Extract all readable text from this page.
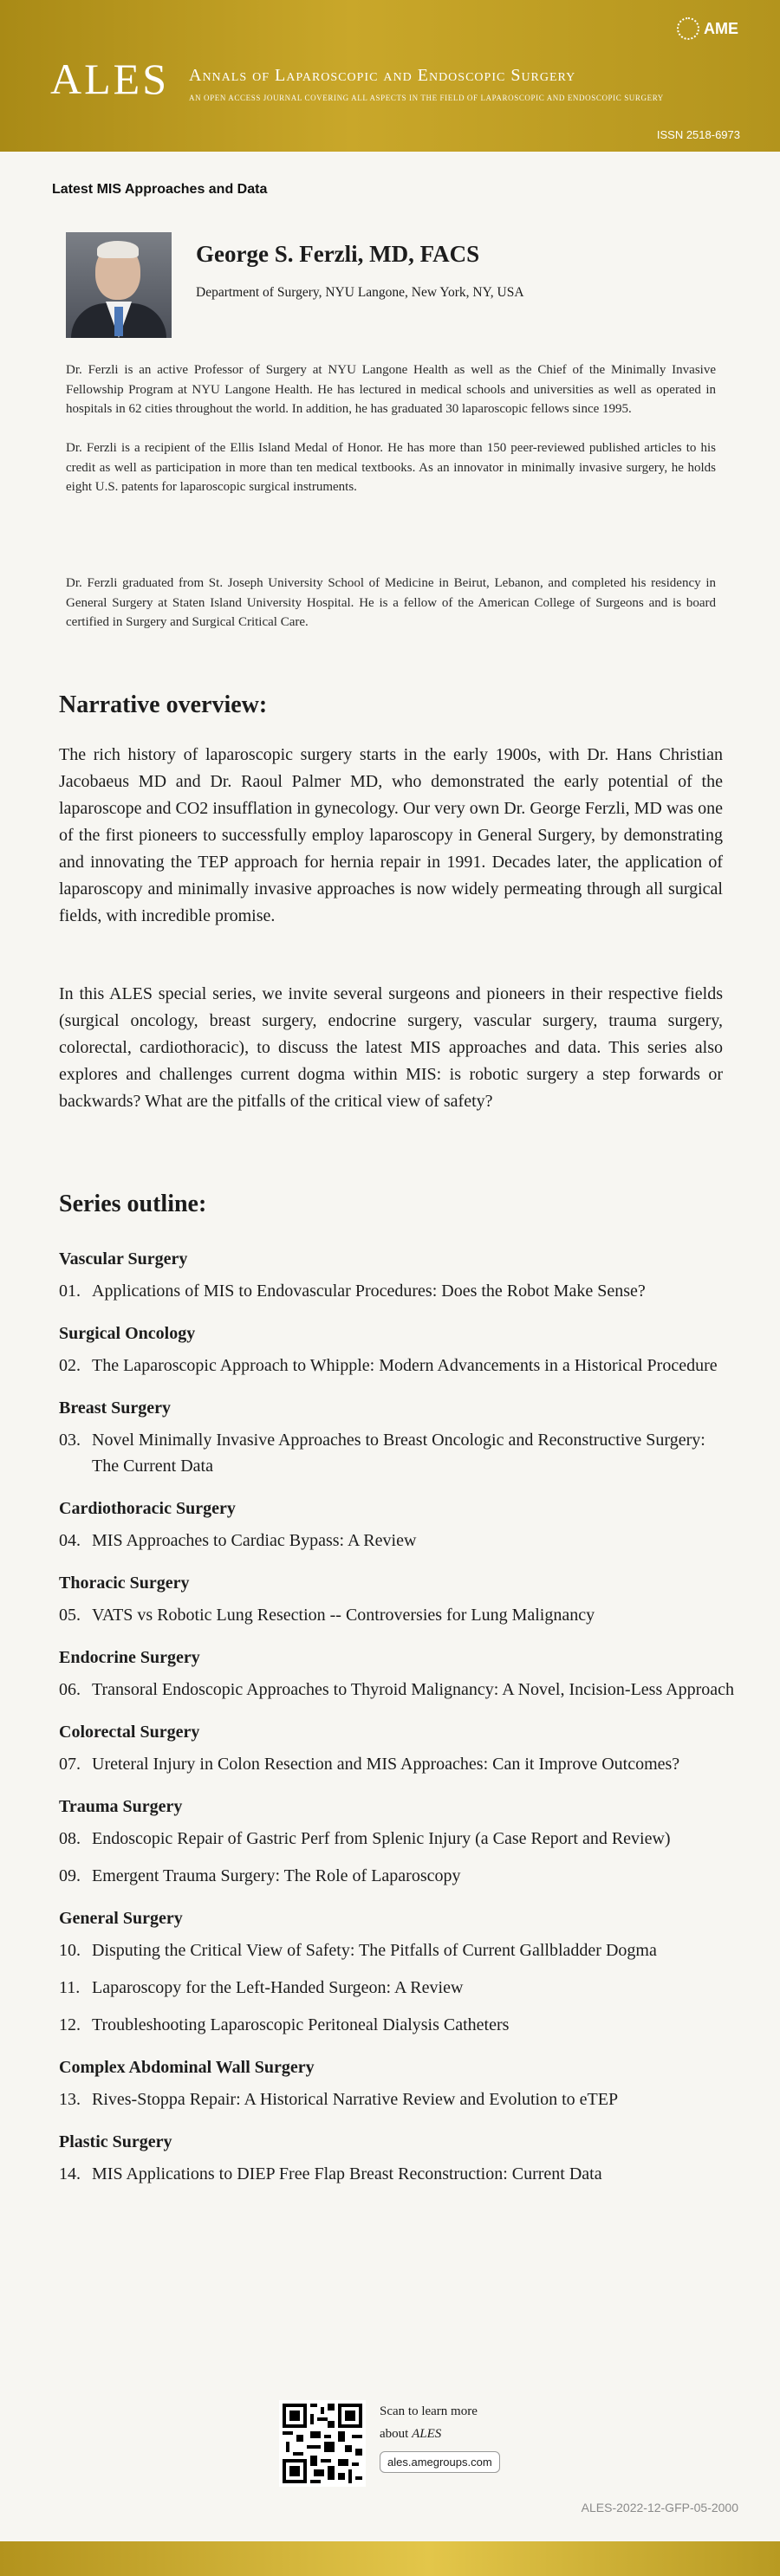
ALES Annals of Laparoscopic and Endoscopic Surgery
AN OPEN ACCESS JOURNAL COVERING ALL ASPECTS IN THE FIELD OF LAPAROSCOPIC AND ENDOSCOPIC SURGERY
AME
ISSN 2518-6973
Latest MIS Approaches and Data
George S. Ferzli, MD, FACS
Department of Surgery, NYU Langone, New York, NY, USA

Dr. Ferzli is an active Professor of Surgery at NYU Langone Health as well as the Chief of the Minimally Invasive Fellowship Program at NYU Langone Health. He has lectured in medical schools and universities as well as operated in hospitals in 62 cities throughout the world. In addition, he has graduated 30 laparoscopic fellows since 1995.

Dr. Ferzli is a recipient of the Ellis Island Medal of Honor. He has more than 150 peer-reviewed published articles to his credit as well as participation in more than ten medical textbooks. As an innovator in minimally invasive surgery, he holds eight U.S. patents for laparoscopic surgical instruments.

Dr. Ferzli graduated from St. Joseph University School of Medicine in Beirut, Lebanon, and completed his residency in General Surgery at Staten Island University Hospital. He is a fellow of the American College of Surgeons and is board certified in Surgery and Surgical Critical Care.

Narrative overview:

The rich history of laparoscopic surgery starts in the early 1900s, with Dr. Hans Christian Jacobaeus MD and Dr. Raoul Palmer MD, who demonstrated the early potential of the laparoscope and CO2 insufflation in gynecology. Our very own Dr. George Ferzli, MD was one of the first pioneers to successfully employ laparoscopy in General Surgery, by demonstrating and innovating the TEP approach for hernia repair in 1991. Decades later, the application of laparoscopy and minimally invasive approaches is now widely permeating through all surgical fields, with incredible promise.

In this ALES special series, we invite several surgeons and pioneers in their respective fields (surgical oncology, breast surgery, endocrine surgery, vascular surgery, trauma surgery, colorectal, cardiothoracic), to discuss the latest MIS approaches and data. This series also explores and challenges current dogma within MIS: is robotic surgery a step forwards or backwards? What are the pitfalls of the critical view of safety?

Series outline:
Vascular Surgery
01. Applications of MIS to Endovascular Procedures: Does the Robot Make Sense?
Surgical Oncology
02. The Laparoscopic Approach to Whipple: Modern Advancements in a Historical Procedure
Breast Surgery
03. Novel Minimally Invasive Approaches to Breast Oncologic and Reconstructive Surgery: The Current Data
Cardiothoracic Surgery
04. MIS Approaches to Cardiac Bypass: A Review
Thoracic Surgery
05. VATS vs Robotic Lung Resection -- Controversies for Lung Malignancy
Endocrine Surgery
06. Transoral Endoscopic Approaches to Thyroid Malignancy: A Novel, Incision-Less Approach
Colorectal Surgery
07. Ureteral Injury in Colon Resection and MIS Approaches: Can it Improve Outcomes?
Trauma Surgery
08. Endoscopic Repair of Gastric Perf from Splenic Injury (a Case Report and Review)
09. Emergent Trauma Surgery: The Role of Laparoscopy
General Surgery
10. Disputing the Critical View of Safety: The Pitfalls of Current Gallbladder Dogma
11. Laparoscopy for the Left-Handed Surgeon: A Review
12. Troubleshooting Laparoscopic Peritoneal Dialysis Catheters
Complex Abdominal Wall Surgery
13. Rives-Stoppa Repair: A Historical Narrative Review and Evolution to eTEP
Plastic Surgery
14. MIS Applications to DIEP Free Flap Breast Reconstruction: Current Data
Scan to learn more
about ALES
ales.amegroups.com
ALES-2022-12-GFP-05-2000
